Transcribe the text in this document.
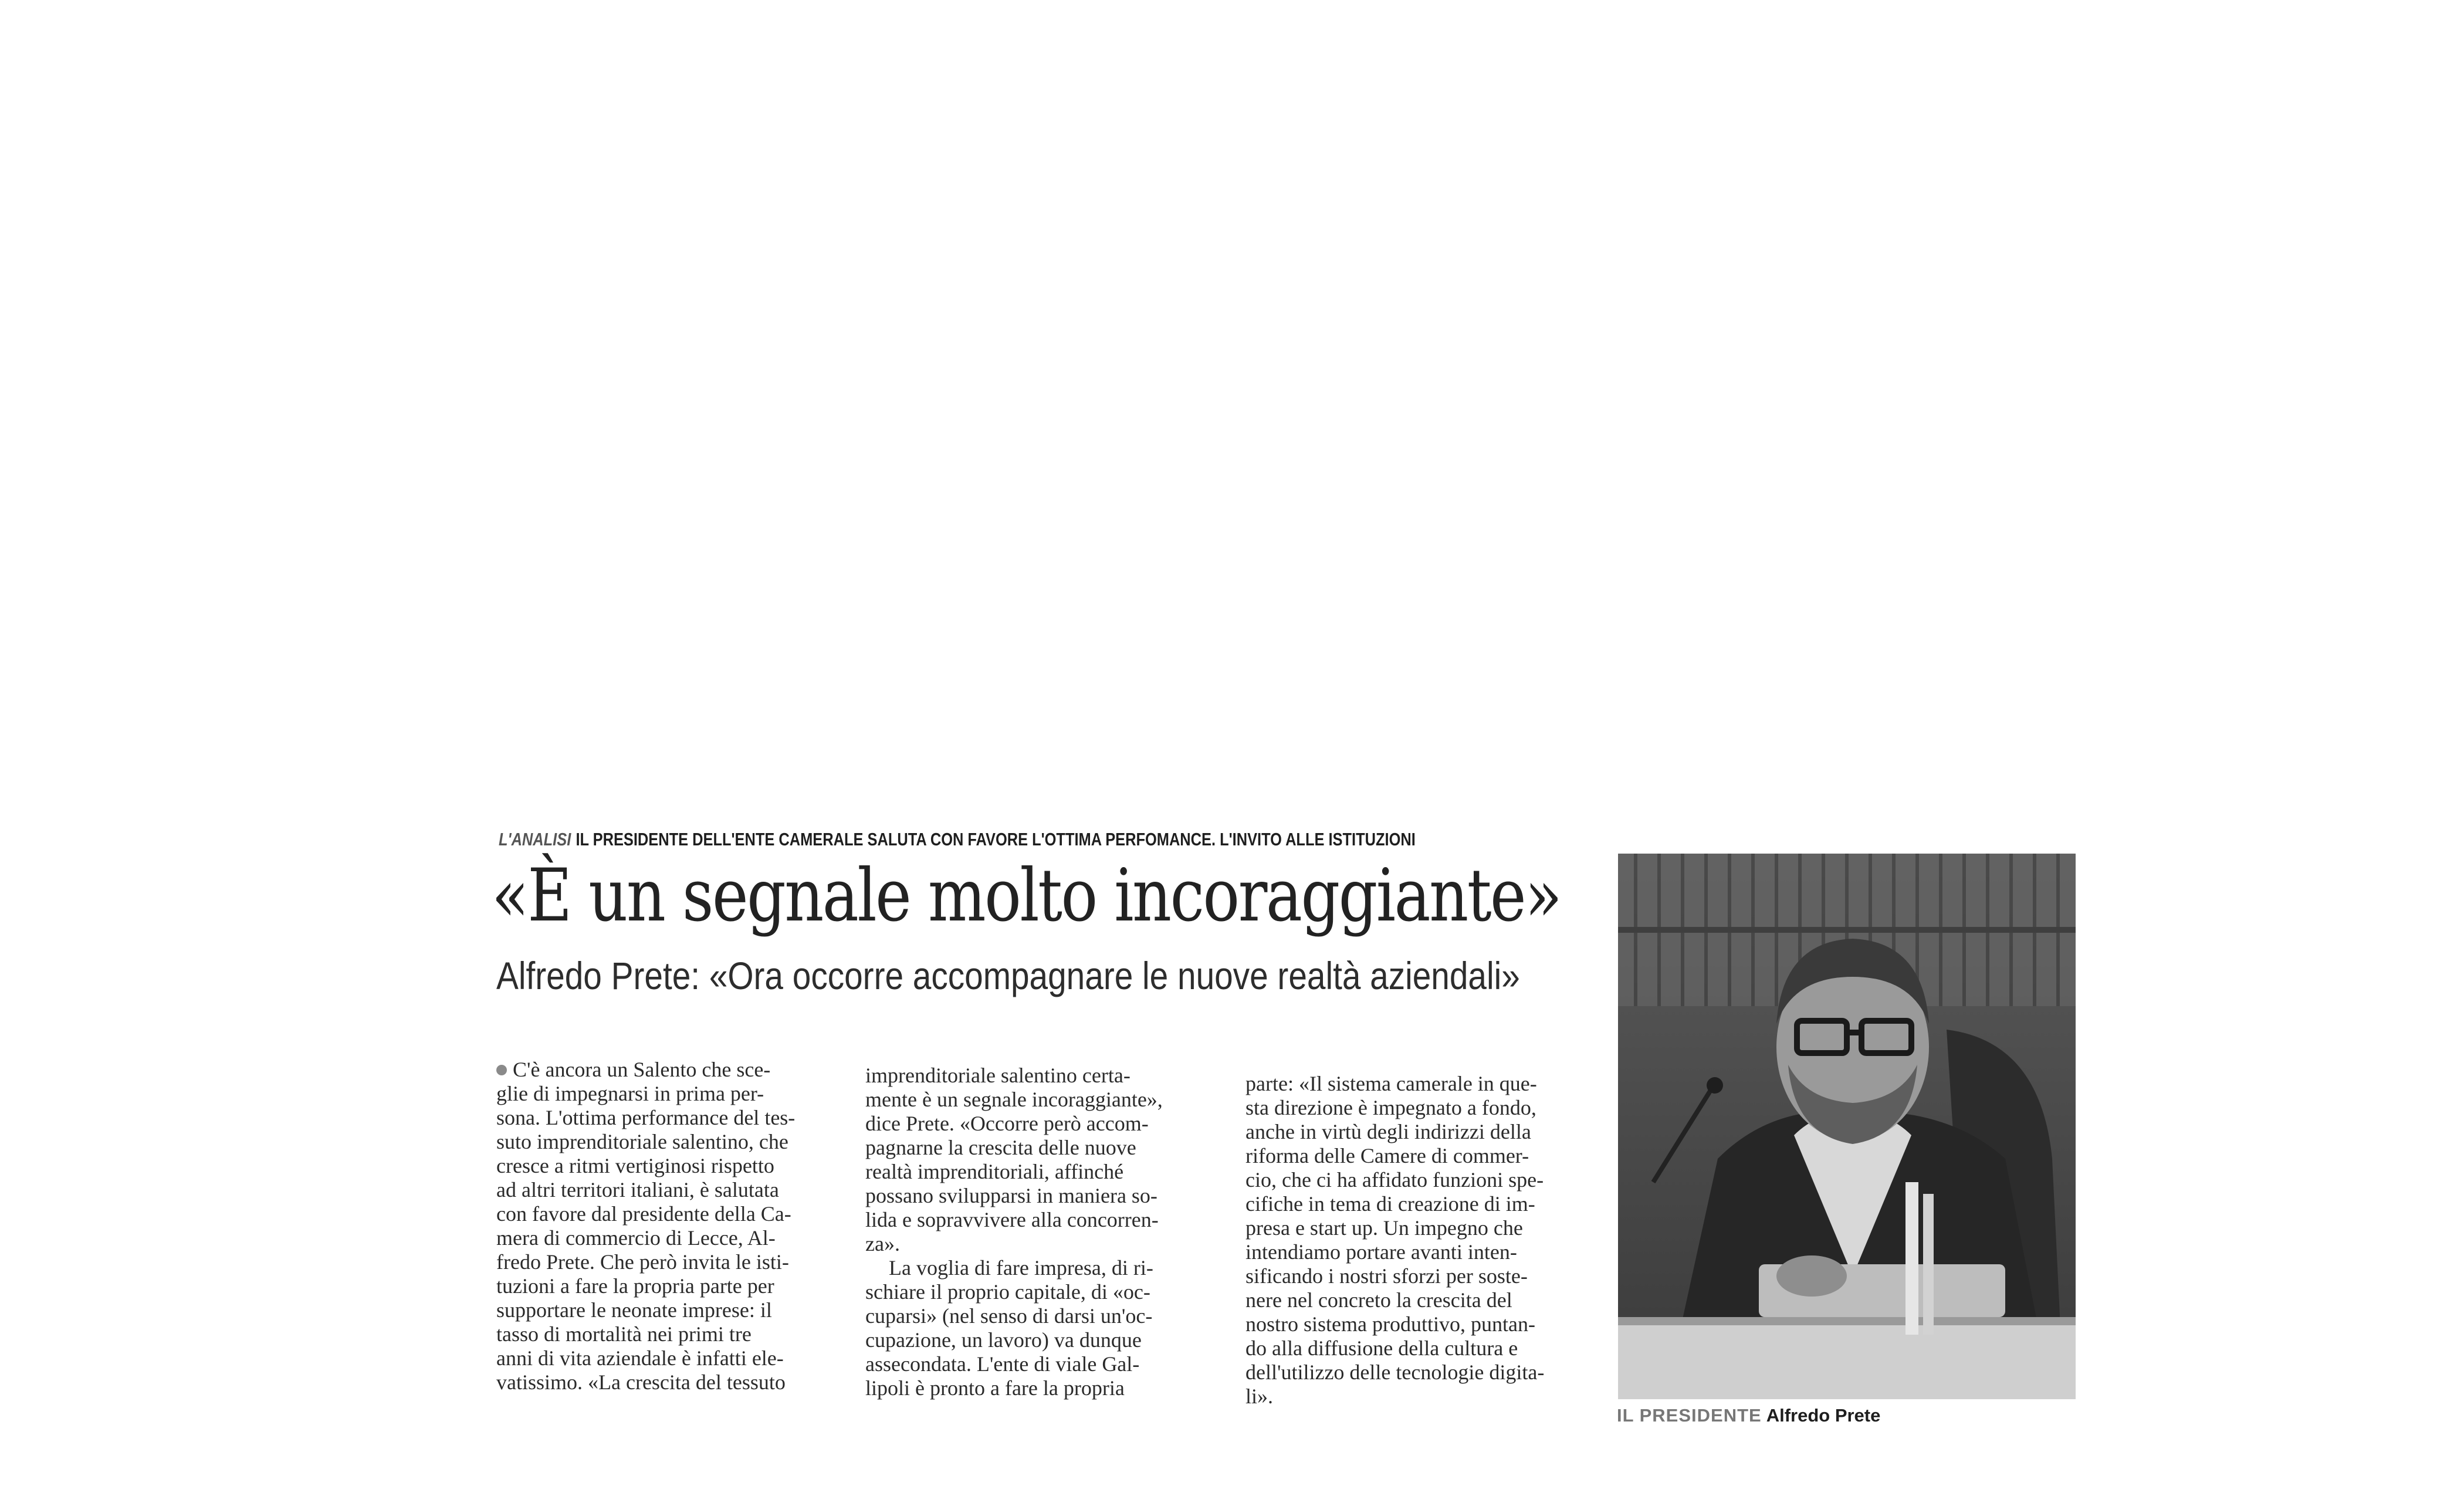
L'ANALISI IL PRESIDENTE DELL'ENTE CAMERALE SALUTA CON FAVORE L'OTTIMA PERFOMANCE. L'INVITO ALLE ISTITUZIONI
«È un segnale molto incoraggiante»
Alfredo Prete: «Ora occorre accompagnare le nuove realtà aziendali»

C'è ancora un Salento che sce-
glie di impegnarsi in prima per-
sona. L'ottima performance del tes-
suto imprenditoriale salentino, che
cresce a ritmi vertiginosi rispetto
ad altri territori italiani, è salutata
con favore dal presidente della Ca-
mera di commercio di Lecce, Al-
fredo Prete. Che però invita le isti-
tuzioni a fare la propria parte per
supportare le neonate imprese: il
tasso di mortalità nei primi tre
anni di vita aziendale è infatti ele-
vatissimo. «La crescita del tessuto

imprenditoriale salentino certa-
mente è un segnale incoraggiante»,
dice Prete. «Occorre però accom-
pagnarne la crescita delle nuove
realtà imprenditoriali, affinché
possano svilupparsi in maniera so-
lida e sopravvivere alla concorren-
za».

La voglia di fare impresa, di ri-
schiare il proprio capitale, di «oc-
cuparsi» (nel senso di darsi un'oc-
cupazione, un lavoro) va dunque
assecondata. L'ente di viale Gal-
lipoli è pronto a fare la propria

parte: «Il sistema camerale in que-
sta direzione è impegnato a fondo,
anche in virtù degli indirizzi della
riforma delle Camere di commer-
cio, che ci ha affidato funzioni spe-
cifiche in tema di creazione di im-
presa e start up. Un impegno che
intendiamo portare avanti inten-
sificando i nostri sforzi per soste-
nere nel concreto la crescita del
nostro sistema produttivo, puntan-
do alla diffusione della cultura e
dell'utilizzo delle tecnologie digita-
li».

IL PRESIDENTE Alfredo Prete
